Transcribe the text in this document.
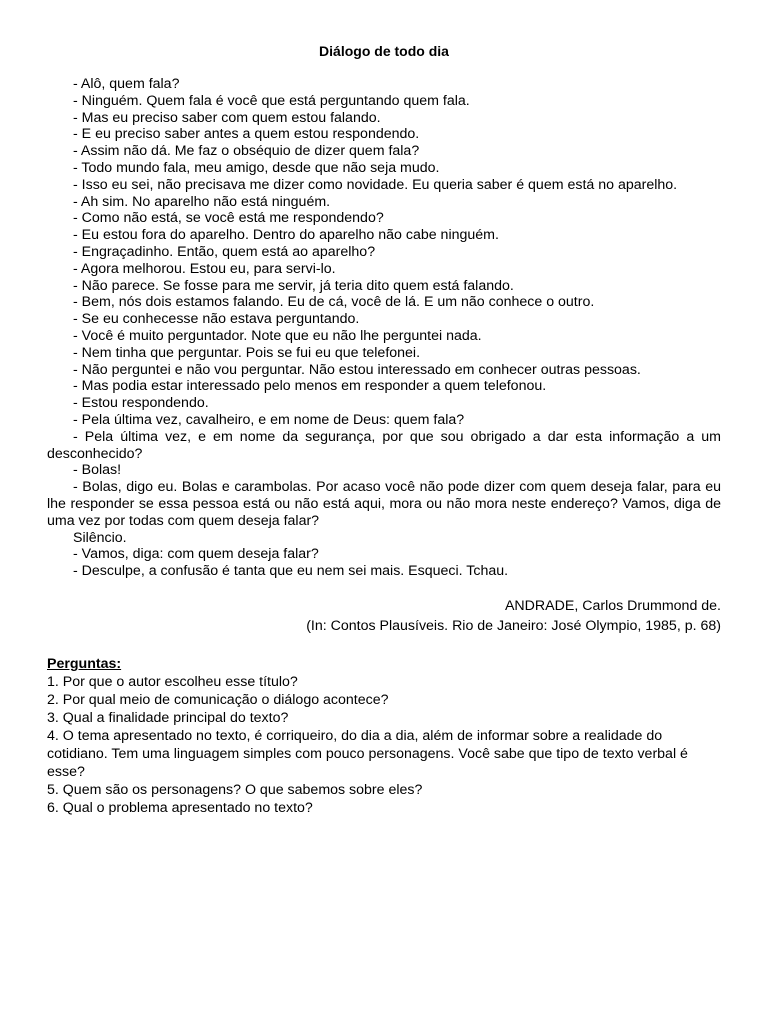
Diálogo de todo dia

- Alô, quem fala?

- Ninguém. Quem fala é você que está perguntando quem fala.

- Mas eu preciso saber com quem estou falando.

- E eu preciso saber antes a quem estou respondendo.

- Assim não dá. Me faz o obséquio de dizer quem fala?

- Todo mundo fala, meu amigo, desde que não seja mudo.

- Isso eu sei, não precisava me dizer como novidade. Eu queria saber é quem está no aparelho.

- Ah sim. No aparelho não está ninguém.

- Como não está, se você está me respondendo?

- Eu estou fora do aparelho. Dentro do aparelho não cabe ninguém.

- Engraçadinho. Então, quem está ao aparelho?

- Agora melhorou. Estou eu, para servi-lo.

- Não parece. Se fosse para me servir, já teria dito quem está falando.

- Bem, nós dois estamos falando. Eu de cá, você de lá. E um não conhece o outro.

- Se eu conhecesse não estava perguntando.

- Você é muito perguntador. Note que eu não lhe perguntei nada.

- Nem tinha que perguntar. Pois se fui eu que telefonei.

- Não perguntei e não vou perguntar. Não estou interessado em conhecer outras pessoas.

- Mas podia estar interessado pelo menos em responder a quem telefonou.

- Estou respondendo.

- Pela última vez, cavalheiro, e em nome de Deus: quem fala?

- Pela última vez, e em nome da segurança, por que sou obrigado a dar esta informação a um desconhecido?

- Bolas!

- Bolas, digo eu. Bolas e carambolas. Por acaso você não pode dizer com quem deseja falar, para eu lhe responder se essa pessoa está ou não está aqui, mora ou não mora neste endereço? Vamos, diga de uma vez por todas com quem deseja falar?

Silêncio.

- Vamos, diga: com quem deseja falar?

- Desculpe, a confusão é tanta que eu nem sei mais. Esqueci. Tchau.

ANDRADE, Carlos Drummond de.
(In: Contos Plausíveis. Rio de Janeiro: José Olympio, 1985, p. 68)
Perguntas:
1. Por que o autor escolheu esse título?
2. Por qual meio de comunicação o diálogo acontece?
3. Qual a finalidade principal do texto?
4. O tema apresentado no texto, é corriqueiro, do dia a dia, além de informar sobre a realidade do cotidiano. Tem uma linguagem simples com pouco personagens. Você sabe que tipo de texto verbal é esse?
5. Quem são os personagens? O que sabemos sobre eles?
6. Qual o problema apresentado no texto?
